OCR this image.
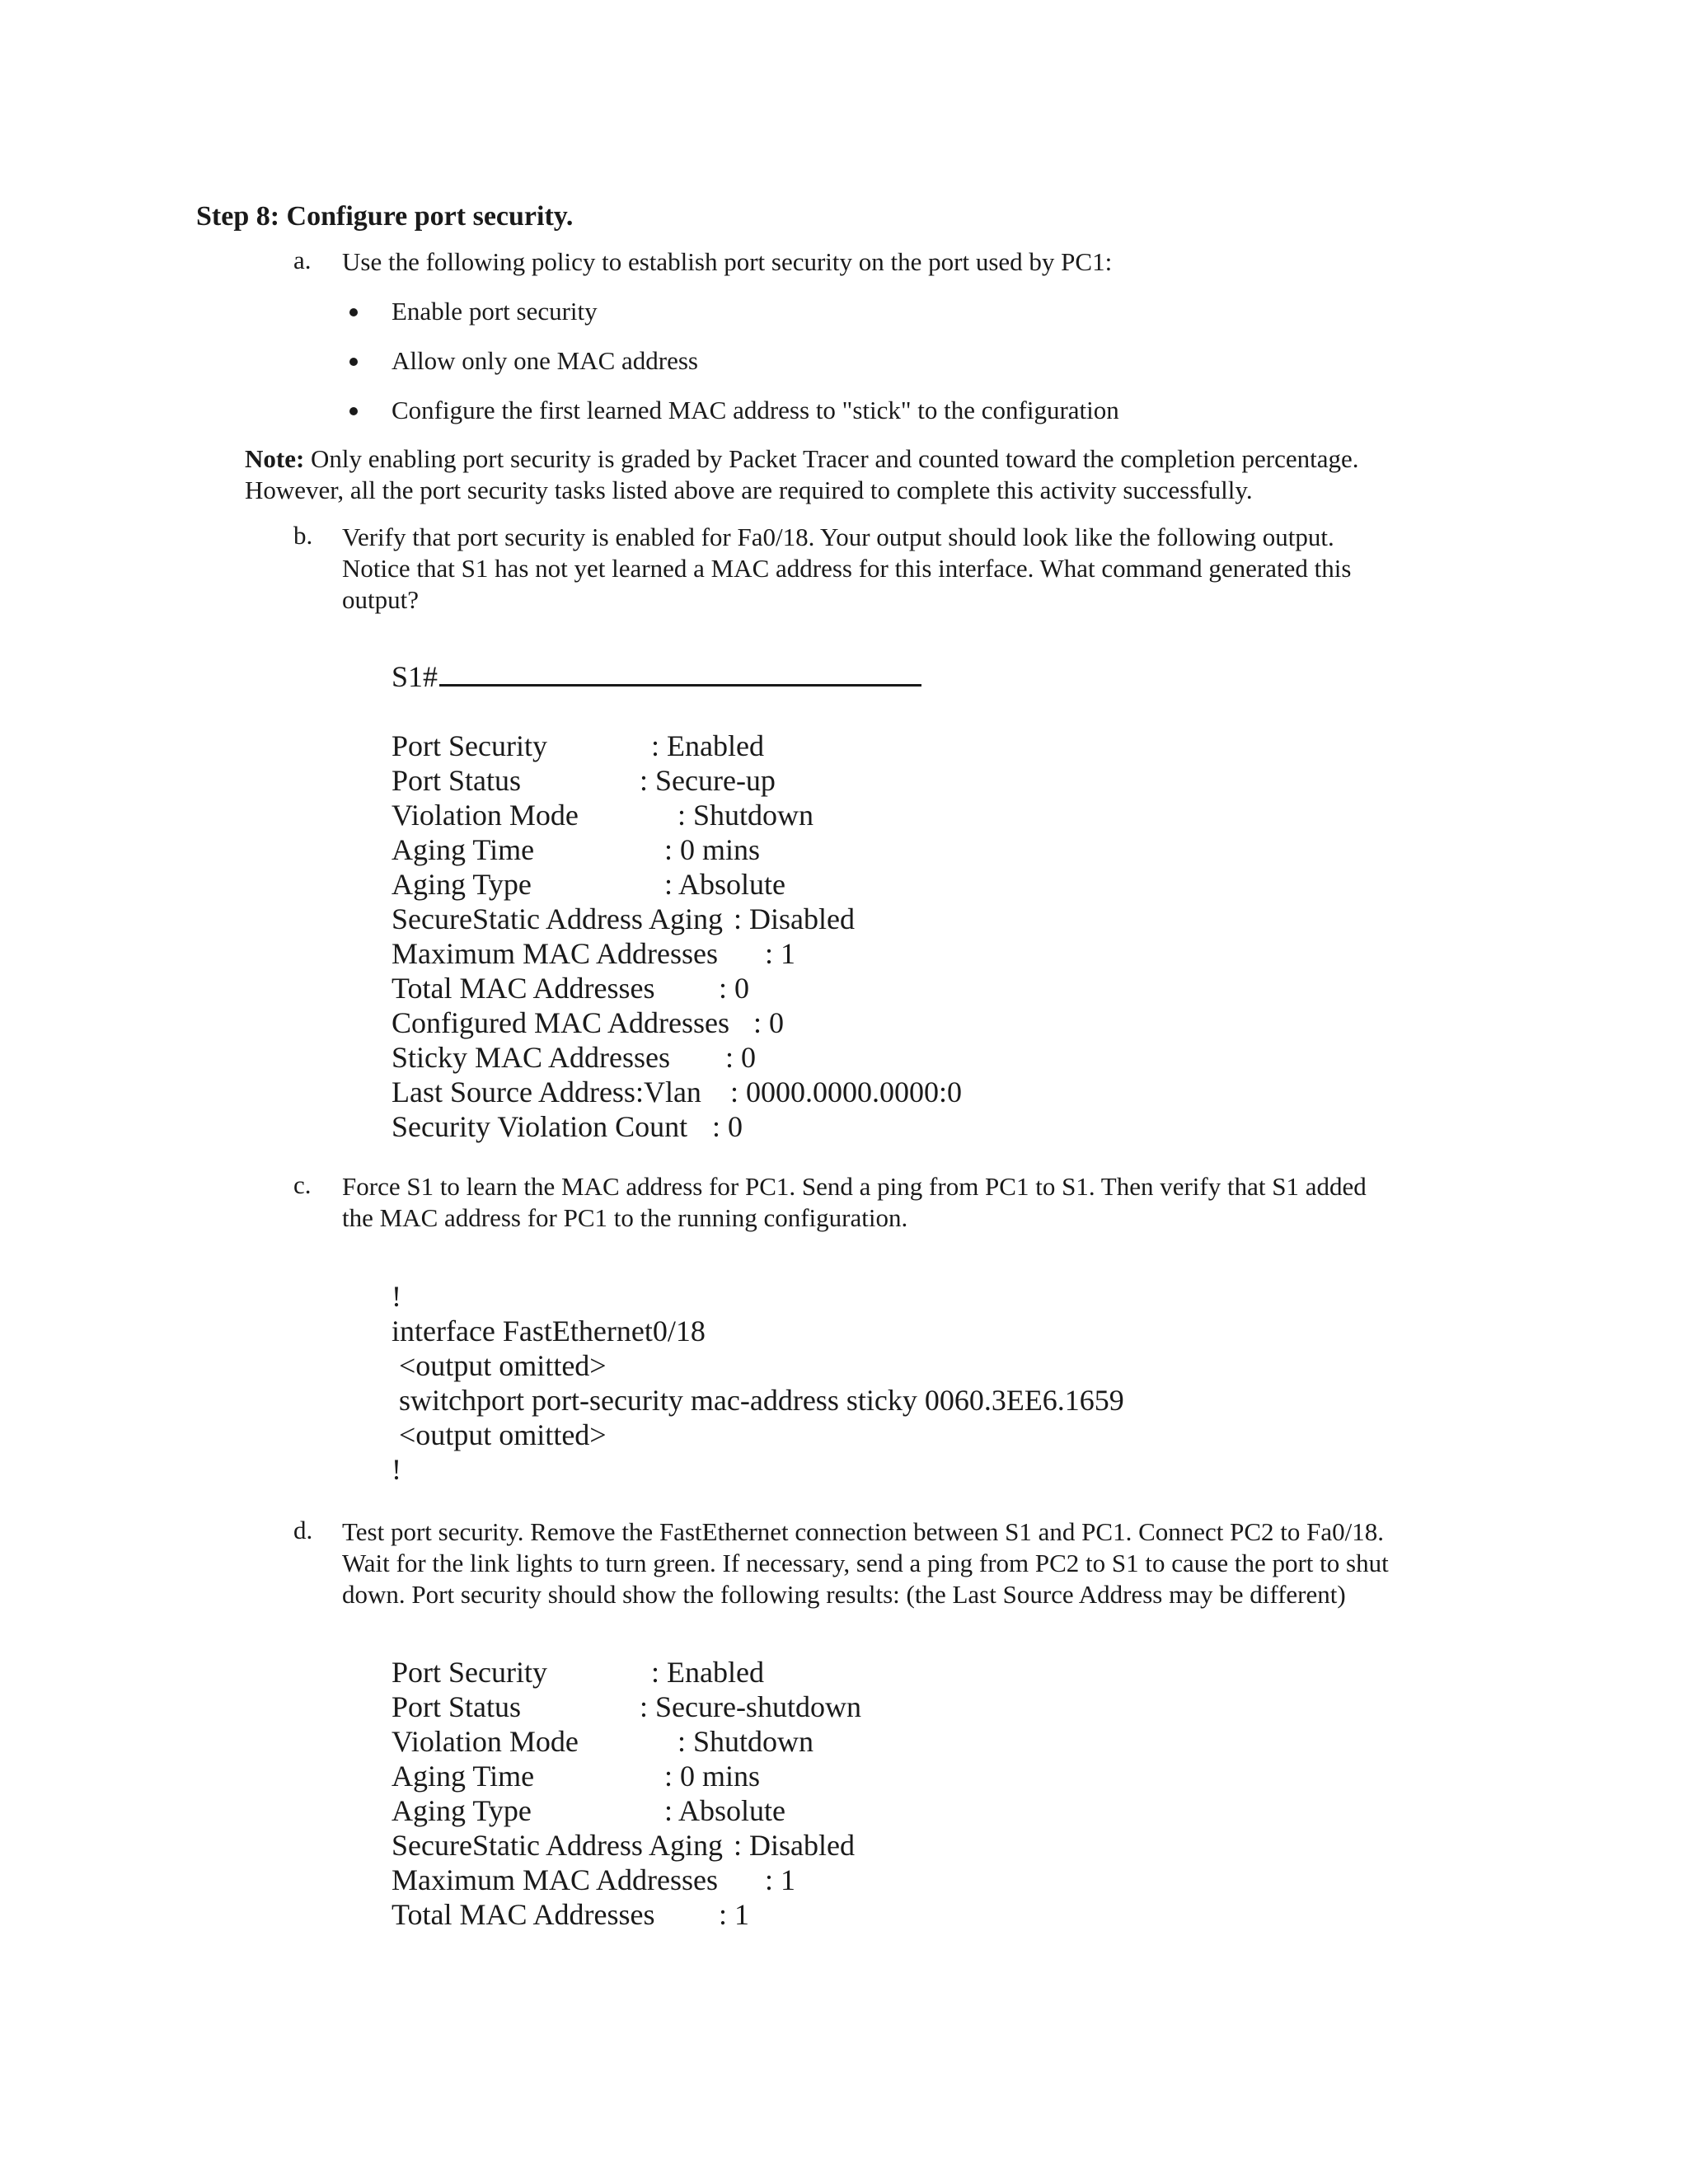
Step 8: Configure port security.
a. Use the following policy to establish port security on the port used by PC1:
Enable port security
Allow only one MAC address
Configure the first learned MAC address to "stick" to the configuration
Note: Only enabling port security is graded by Packet Tracer and counted toward the completion percentage.
However, all the port security tasks listed above are required to complete this activity successfully.
b. Verify that port security is enabled for Fa0/18. Your output should look like the following output.
Notice that S1 has not yet learned a MAC address for this interface. What command generated this
output?
S1#
Port Security	: Enabled
Port Status	: Secure-up
Violation Mode	: Shutdown
Aging Time	: 0 mins
Aging Type	: Absolute
SecureStatic Address Aging : Disabled
Maximum MAC Addresses : 1
Total MAC Addresses : 0
Configured MAC Addresses : 0
Sticky MAC Addresses : 0
Last Source Address:Vlan : 0000.0000.0000:0
Security Violation Count : 0
c. Force S1 to learn the MAC address for PC1. Send a ping from PC1 to S1. Then verify that S1 added
the MAC address for PC1 to the running configuration.
!
interface FastEthernet0/18
<output omitted>
switchport port-security mac-address sticky 0060.3EE6.1659
<output omitted>
!
d. Test port security. Remove the FastEthernet connection between S1 and PC1. Connect PC2 to Fa0/18.
Wait for the link lights to turn green. If necessary, send a ping from PC2 to S1 to cause the port to shut
down. Port security should show the following results: (the Last Source Address may be different)
Port Security	: Enabled
Port Status	: Secure-shutdown
Violation Mode	: Shutdown
Aging Time	: 0 mins
Aging Type	: Absolute
SecureStatic Address Aging : Disabled
Maximum MAC Addresses : 1
Total MAC Addresses : 1
